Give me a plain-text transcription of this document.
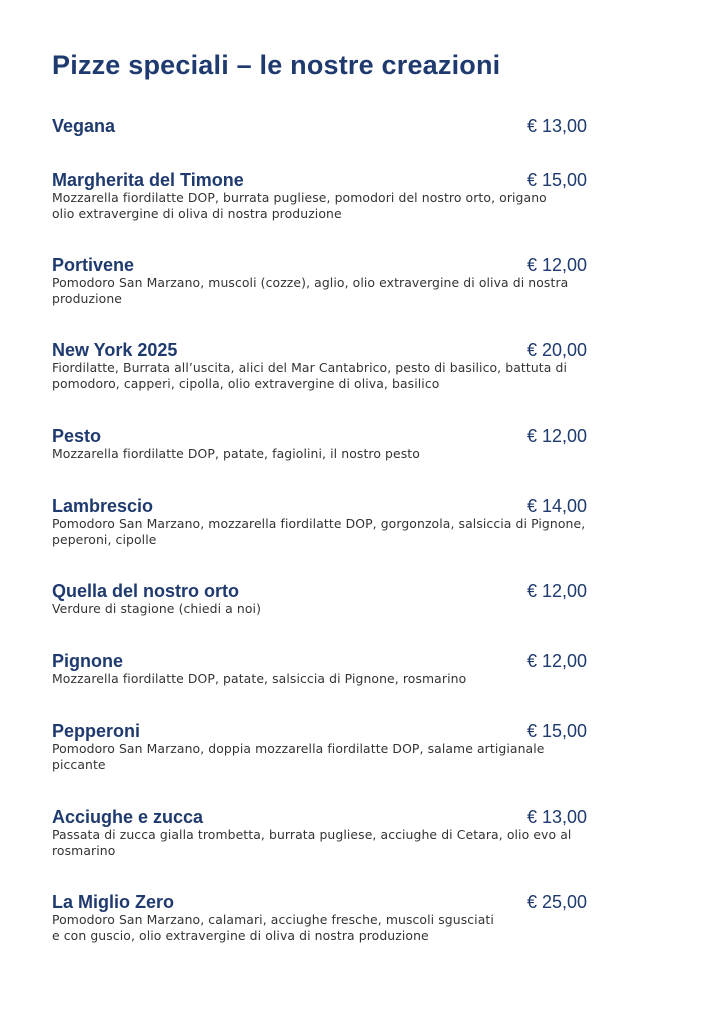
Pizze speciali – le nostre creazioni
Vegana	€ 13,00
Margherita del Timone	€ 15,00
Mozzarella fiordilatte DOP, burrata pugliese, pomodori del nostro orto, origano
olio extravergine di oliva di nostra produzione
Portivene	€ 12,00
Pomodoro San Marzano, muscoli (cozze), aglio, olio extravergine di oliva di nostra
produzione
New York 2025	€ 20,00
Fiordilatte, Burrata all’uscita, alici del Mar Cantabrico, pesto di basilico, battuta di
pomodoro, capperi, cipolla, olio extravergine di oliva, basilico
Pesto	€ 12,00
Mozzarella fiordilatte DOP, patate, fagiolini, il nostro pesto
Lambrescio	€ 14,00
Pomodoro San Marzano, mozzarella fiordilatte DOP, gorgonzola, salsiccia di Pignone,
peperoni, cipolle
Quella del nostro orto	€ 12,00
Verdure di stagione (chiedi a noi)
Pignone	€ 12,00
Mozzarella fiordilatte DOP, patate, salsiccia di Pignone, rosmarino
Pepperoni	€ 15,00
Pomodoro San Marzano, doppia mozzarella fiordilatte DOP, salame artigianale
piccante
Acciughe e zucca	€ 13,00
Passata di zucca gialla trombetta, burrata pugliese, acciughe di Cetara, olio evo al
rosmarino
La Miglio Zero	€ 25,00
Pomodoro San Marzano, calamari, acciughe fresche, muscoli sgusciati
e con guscio, olio extravergine di oliva di nostra produzione
